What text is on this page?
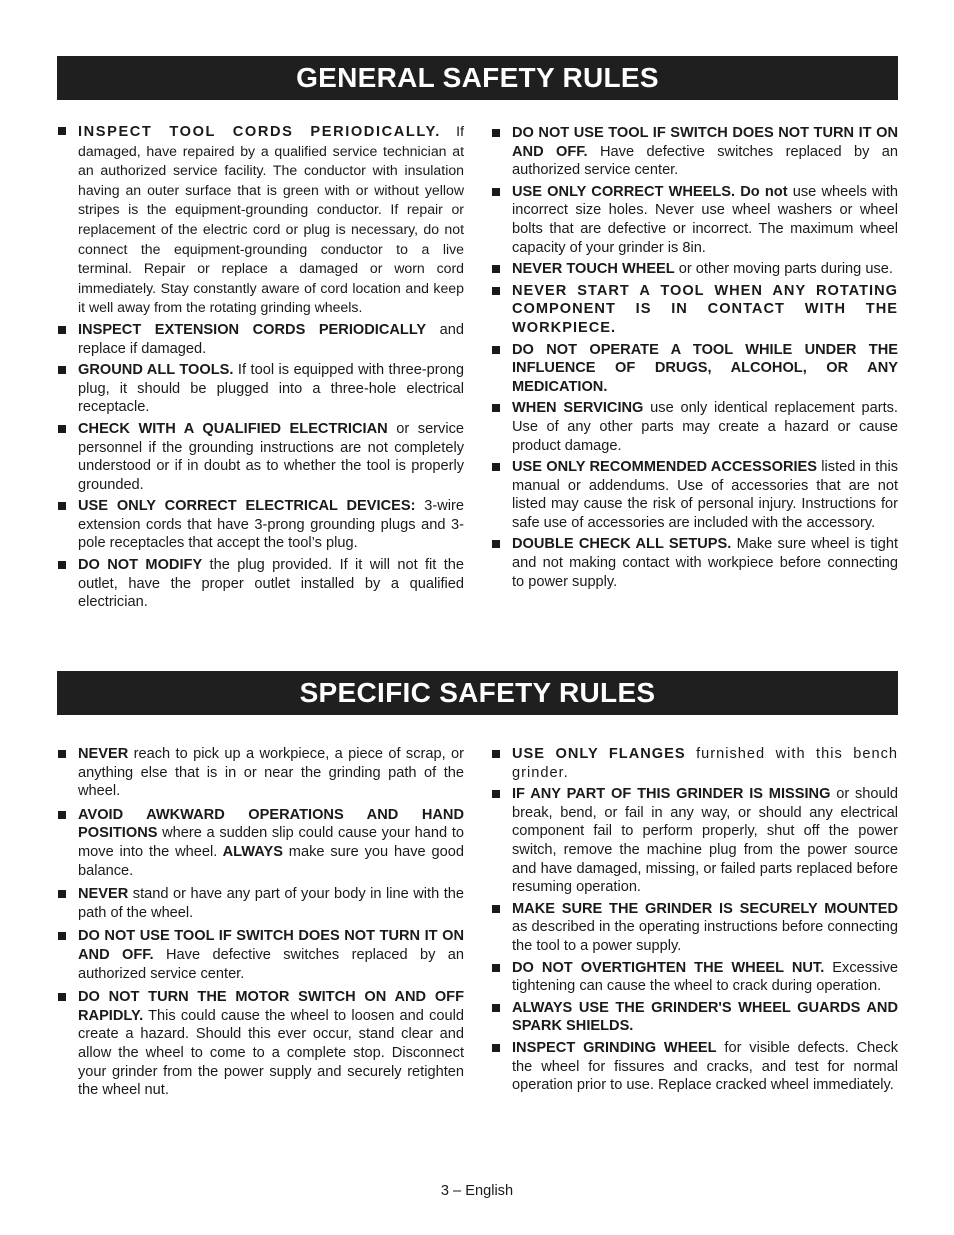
GENERAL SAFETY RULES
INSPECT TOOL CORDS PERIODICALLY. If damaged, have repaired by a qualified service technician at an authorized service facility. The conductor with insulation having an outer surface that is green with or without yellow stripes is the equipment-grounding conductor. If repair or replacement of the electric cord or plug is necessary, do not connect the equipment-grounding conductor to a live terminal. Repair or replace a damaged or worn cord immediately. Stay constantly aware of cord location and keep it well away from the rotating grinding wheels.
INSPECT EXTENSION CORDS PERIODICALLY and replace if damaged.
GROUND ALL TOOLS. If tool is equipped with three-prong plug, it should be plugged into a three-hole electrical receptacle.
CHECK WITH A QUALIFIED ELECTRICIAN or service personnel if the grounding instructions are not completely understood or if in doubt as to whether the tool is properly grounded.
USE ONLY CORRECT ELECTRICAL DEVICES: 3-wire extension cords that have 3-prong grounding plugs and 3-pole receptacles that accept the tool’s plug.
DO NOT MODIFY the plug provided. If it will not fit the outlet, have the proper outlet installed by a qualified electrician.
DO NOT USE TOOL IF SWITCH DOES NOT TURN IT ON AND OFF. Have defective switches replaced by an authorized service center.
USE ONLY CORRECT WHEELS. Do not use wheels with incorrect size holes. Never use wheel washers or wheel bolts that are defective or incorrect. The maximum wheel capacity of your grinder is 8in.
NEVER TOUCH WHEEL or other moving parts during use.
NEVER START A TOOL WHEN ANY ROTATING COMPONENT IS IN CONTACT WITH THE WORKPIECE.
DO NOT OPERATE A TOOL WHILE UNDER THE INFLUENCE OF DRUGS, ALCOHOL, OR ANY MEDICATION.
WHEN SERVICING use only identical replacement parts. Use of any other parts may create a hazard or cause product damage.
USE ONLY RECOMMENDED ACCESSORIES listed in this manual or addendums. Use of accessories that are not listed may cause the risk of personal injury. Instructions for safe use of accessories are included with the accessory.
DOUBLE CHECK ALL SETUPS. Make sure wheel is tight and not making contact with workpiece before connecting to power supply.
SPECIFIC SAFETY RULES
NEVER reach to pick up a workpiece, a piece of scrap, or anything else that is in or near the grinding path of the wheel.
AVOID AWKWARD OPERATIONS AND HAND POSITIONS where a sudden slip could cause your hand to move into the wheel. ALWAYS make sure you have good balance.
NEVER stand or have any part of your body in line with the path of the wheel.
DO NOT USE TOOL IF SWITCH DOES NOT TURN IT ON AND OFF. Have defective switches replaced by an authorized service center.
DO NOT TURN THE MOTOR SWITCH ON AND OFF RAPIDLY. This could cause the wheel to loosen and could create a hazard. Should this ever occur, stand clear and allow the wheel to come to a complete stop. Disconnect your grinder from the power supply and securely retighten the wheel nut.
USE ONLY FLANGES furnished with this bench grinder.
IF ANY PART OF THIS GRINDER IS MISSING or should break, bend, or fail in any way, or should any electrical component fail to perform properly, shut off the power switch, remove the machine plug from the power source and have damaged, missing, or failed parts replaced before resuming operation.
MAKE SURE THE GRINDER IS SECURELY MOUNTED as described in the operating instructions before connecting the tool to a power supply.
DO NOT OVERTIGHTEN THE WHEEL NUT. Excessive tightening can cause the wheel to crack during operation.
ALWAYS USE THE GRINDER'S WHEEL GUARDS AND SPARK SHIELDS.
INSPECT GRINDING WHEEL for visible defects. Check the wheel for fissures and cracks, and test for normal operation prior to use. Replace cracked wheel immediately.
3 – English
